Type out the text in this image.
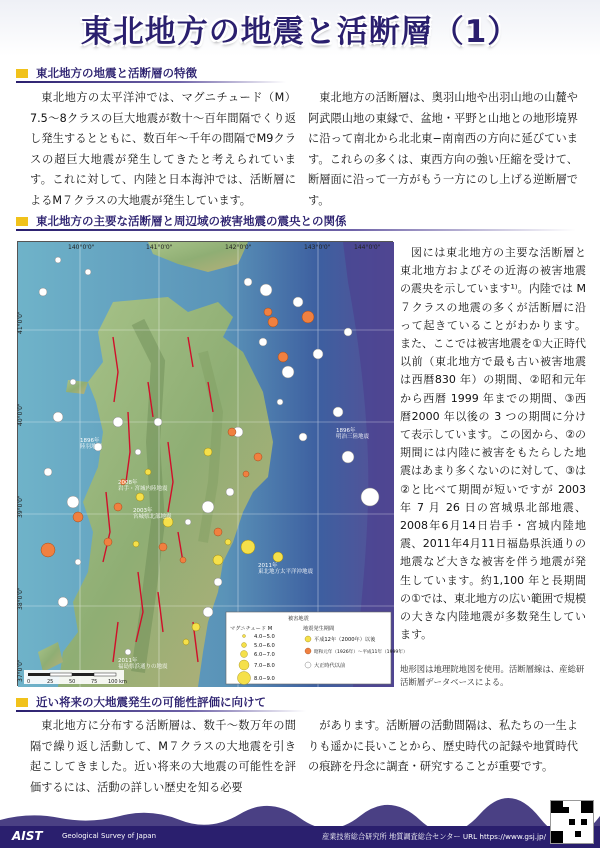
東北地方の地震と活断層（1）
東北地方の地震と活断層の特徴
東北地方の太平洋沖では、マグニチュード（M）7.5～8クラスの巨大地震が数十～百年間隔でくり返し発生するとともに、数百年～千年の間隔でM9クラスの超巨大地震が発生してきたと考えられています。これに対して、内陸と日本海沖では、活断層によるM７クラスの大地震が発生しています。
東北地方の活断層は、奥羽山地や出羽山地の山麓や阿武隈山地の東縁で、盆地・平野と山地との地形境界に沿って南北から北北東−南南西の方向に延びています。これらの多くは、東西方向の強い圧縮を受けて、断層面に沿って一方がもう一方にのし上げる逆断層です。
東北地方の主要な活断層と周辺域の被害地震の震央との関係
41°0'0"
40°0'0"
39°0'0"
38°0'0"
37°0'0"
140°0'0"	141°0'0"	142°0'0"	143°0'0"	144°0'0"
1896年明治三陸地震
2011年東北地方太平洋沖地震
1896年陸羽地震
2003年宮城県北部地震
2008年岩手・宮城内陸地震
2011年福島県浜通りの地震
0	25	50	75 100 km
被害地震
マグニチュード M	地震発生期間
4.0−5.0
5.0−6.0
6.0−7.0
7.0−8.0
8.0−9.0
平成12年（2000年）以後
昭和元年（1926年）〜平成11年（1999年）
大正時代以前
図には東北地方の主要な活断層と東北地方およびその近海の被害地震の震央を示しています¹⁾。内陸では M７クラスの地震の多くが活断層に沿って起きていることがわかります。また、ここでは被害地震を①大正時代以前（東北地方で最も古い被害地震は西暦830 年）の期間、②昭和元年から西暦 1999 年までの期間、③西暦2000 年以後の 3 つの期間に分けて表示しています。この図から、②の期間には内陸に被害をもたらした地震はあまり多くないのに対して、③は②と比べて期間が短いですが 2003 年 7 月 26 日の宮城県北部地震、2008年6月14日岩手・宮城内陸地震、2011年4月11日福島県浜通りの地震など大きな被害を伴う地震が発生しています。約1,100 年と長期間の①では、東北地方の広い範囲で規模の大きな内陸地震が多数発生しています。
地形図は地理院地図を使用。活断層線は、産総研活断層データベースによる。
近い将来の大地震発生の可能性評価に向けて
東北地方に分布する活断層は、数千〜数万年の間隔で繰り返し活動して、M７クラスの大地震を引き起こしてきました。近い将来の大地震の可能性を評価するには、活動の詳しい歴史を知る必要
があります。活断層の活動間隔は、私たちの一生よりも遥かに長いことから、歴史時代の記録や地質時代の痕跡を丹念に調査・研究することが重要です。
AIST	Geological Survey of Japan	産業技術総合研究所 地質調査総合センター URL https://www.gsj.jp/
